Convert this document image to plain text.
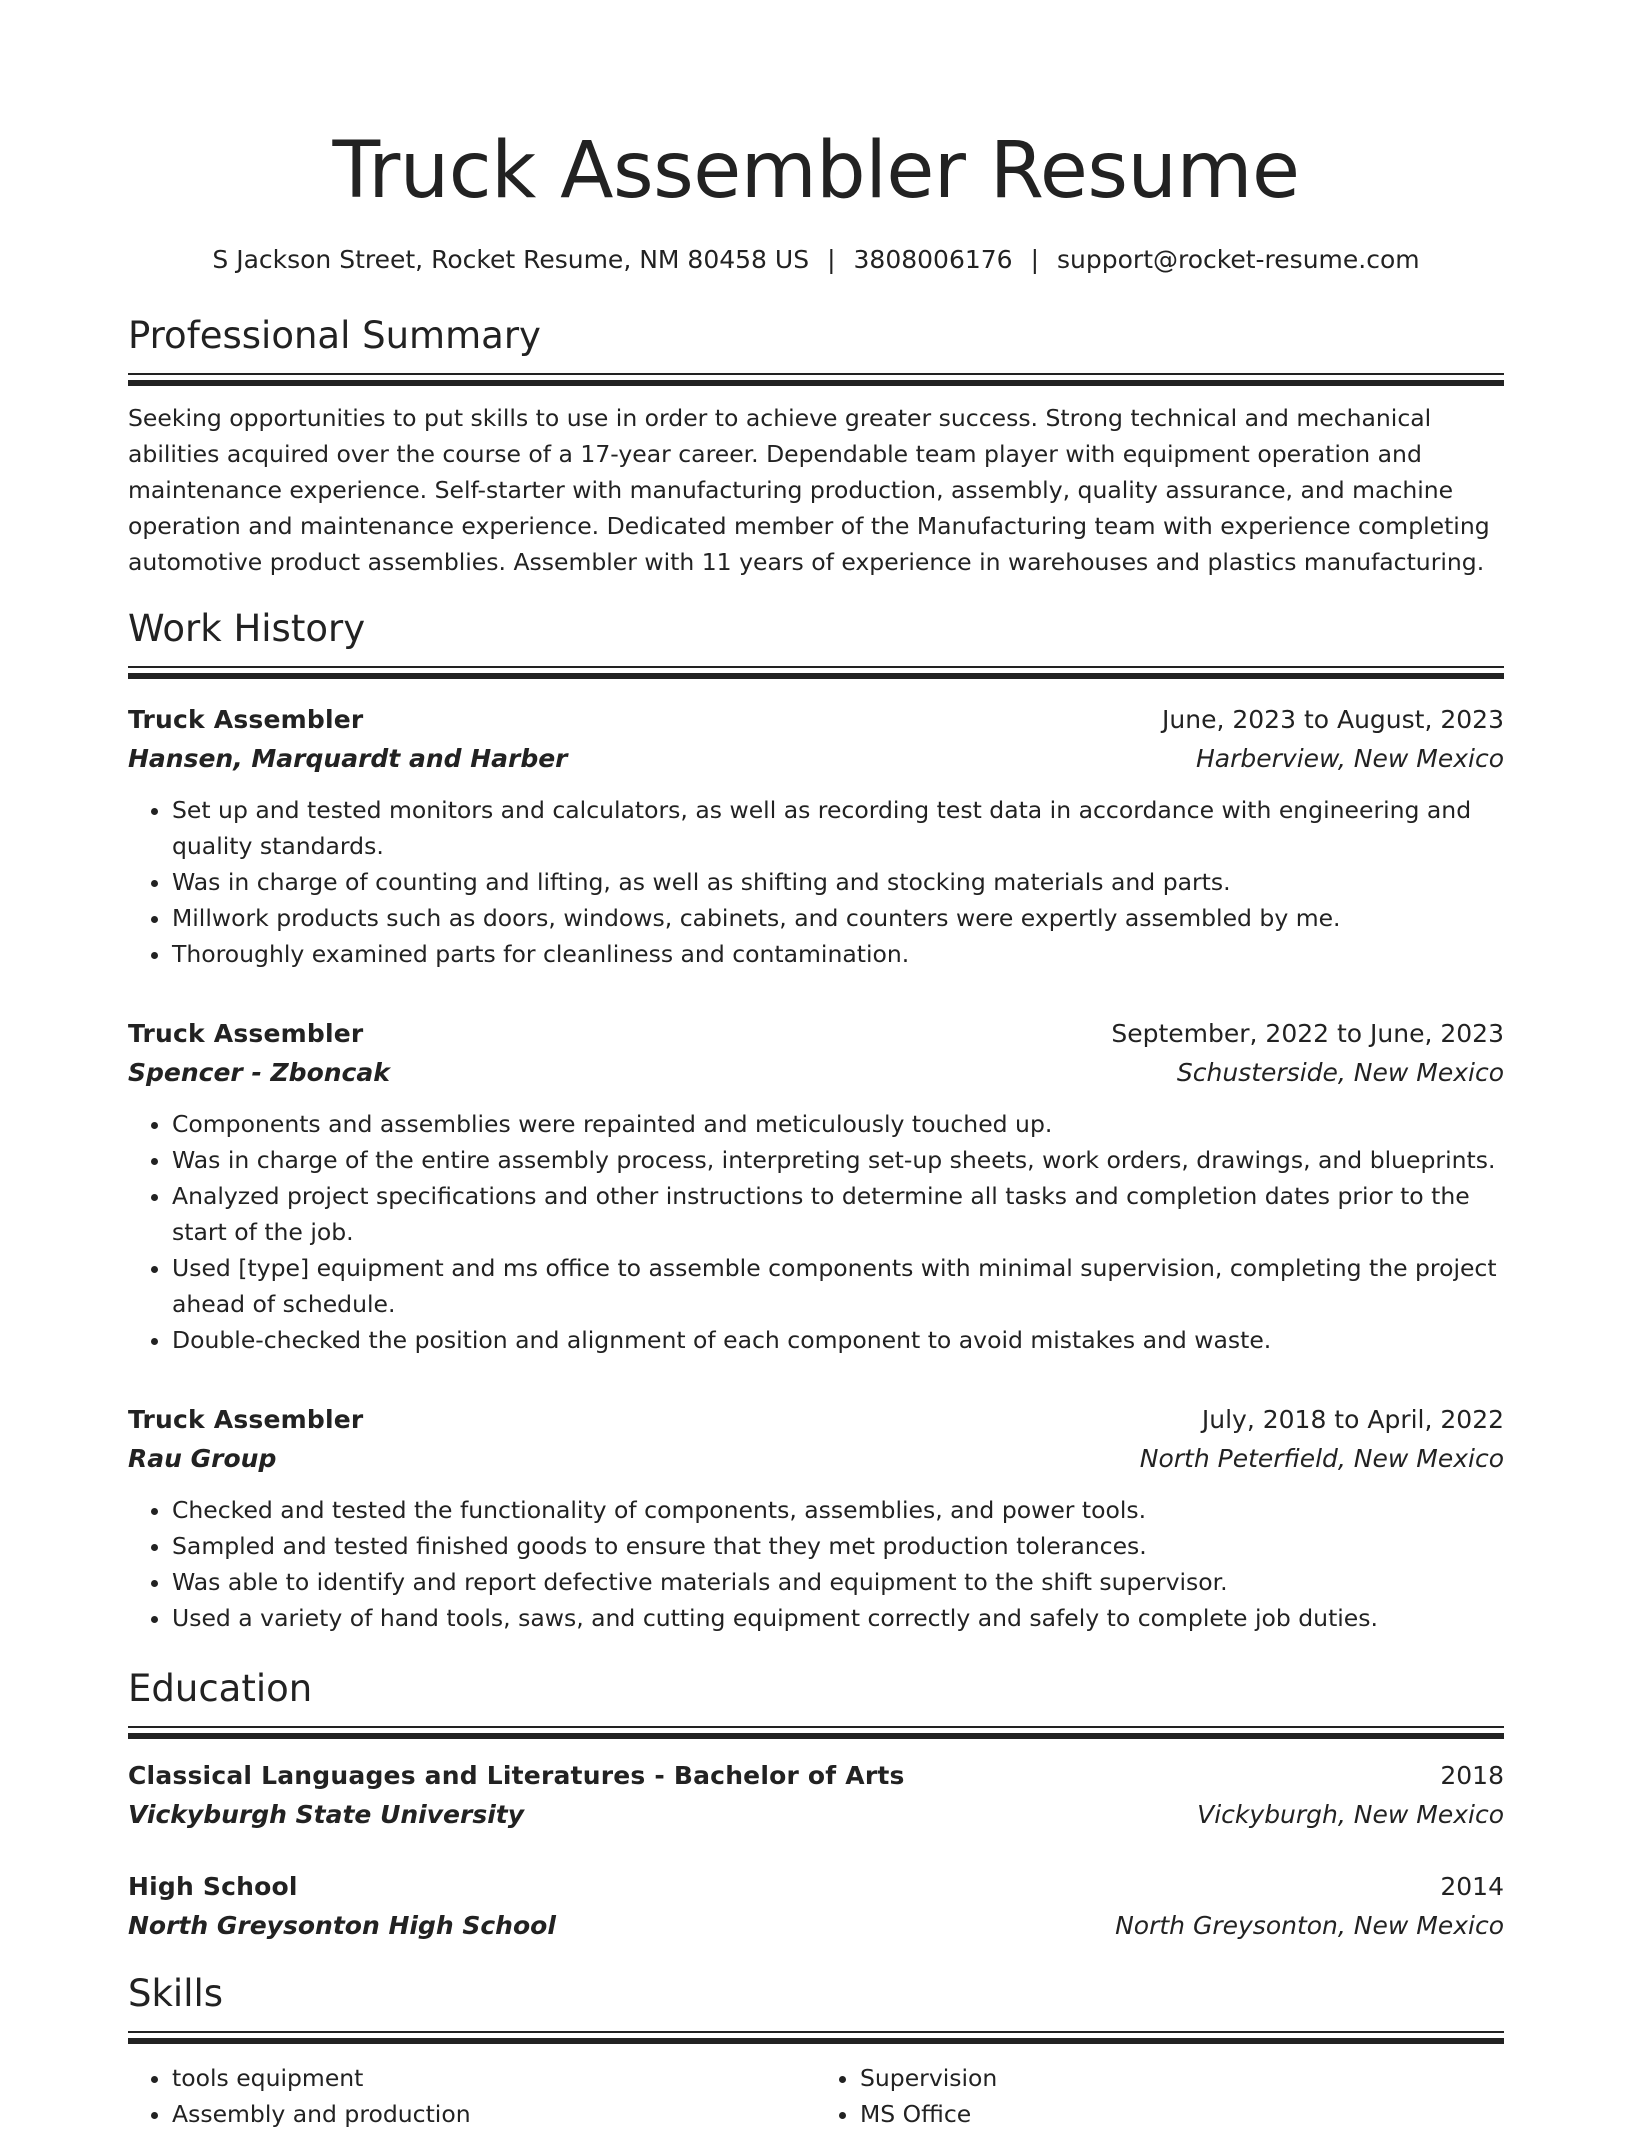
Truck Assembler Resume
S Jackson Street, Rocket Resume, NM 80458 US | 3808006176 | support@rocket-resume.com
Professional Summary

Seeking opportunities to put skills to use in order to achieve greater success. Strong technical and mechanical abilities acquired over the course of a 17-year career. Dependable team player with equipment operation and maintenance experience. Self-starter with manufacturing production, assembly, quality assurance, and machine operation and maintenance experience. Dedicated member of the Manufacturing team with experience completing automotive product assemblies. Assembler with 11 years of experience in warehouses and plastics manufacturing.

Work History
Truck Assembler	June, 2023 to August, 2023
Hansen, Marquardt and Harber	Harberview, New Mexico
• Set up and tested monitors and calculators, as well as recording test data in accordance with engineering and quality standards.
• Was in charge of counting and lifting, as well as shifting and stocking materials and parts.
• Millwork products such as doors, windows, cabinets, and counters were expertly assembled by me.
• Thoroughly examined parts for cleanliness and contamination.
Truck Assembler	September, 2022 to June, 2023
Spencer - Zboncak	Schusterside, New Mexico
• Components and assemblies were repainted and meticulously touched up.
• Was in charge of the entire assembly process, interpreting set-up sheets, work orders, drawings, and blueprints.
• Analyzed project specifications and other instructions to determine all tasks and completion dates prior to the start of the job.
• Used [type] equipment and ms office to assemble components with minimal supervision, completing the project ahead of schedule.
• Double-checked the position and alignment of each component to avoid mistakes and waste.
Truck Assembler	July, 2018 to April, 2022
Rau Group	North Peterfield, New Mexico
• Checked and tested the functionality of components, assemblies, and power tools.
• Sampled and tested finished goods to ensure that they met production tolerances.
• Was able to identify and report defective materials and equipment to the shift supervisor.
• Used a variety of hand tools, saws, and cutting equipment correctly and safely to complete job duties.
Education
Classical Languages and Literatures - Bachelor of Arts	2018
Vickyburgh State University	Vickyburgh, New Mexico
High School	2014
North Greysonton High School	North Greysonton, New Mexico
Skills
• tools equipment
• Assembly and production
• Supervision
• MS Office
